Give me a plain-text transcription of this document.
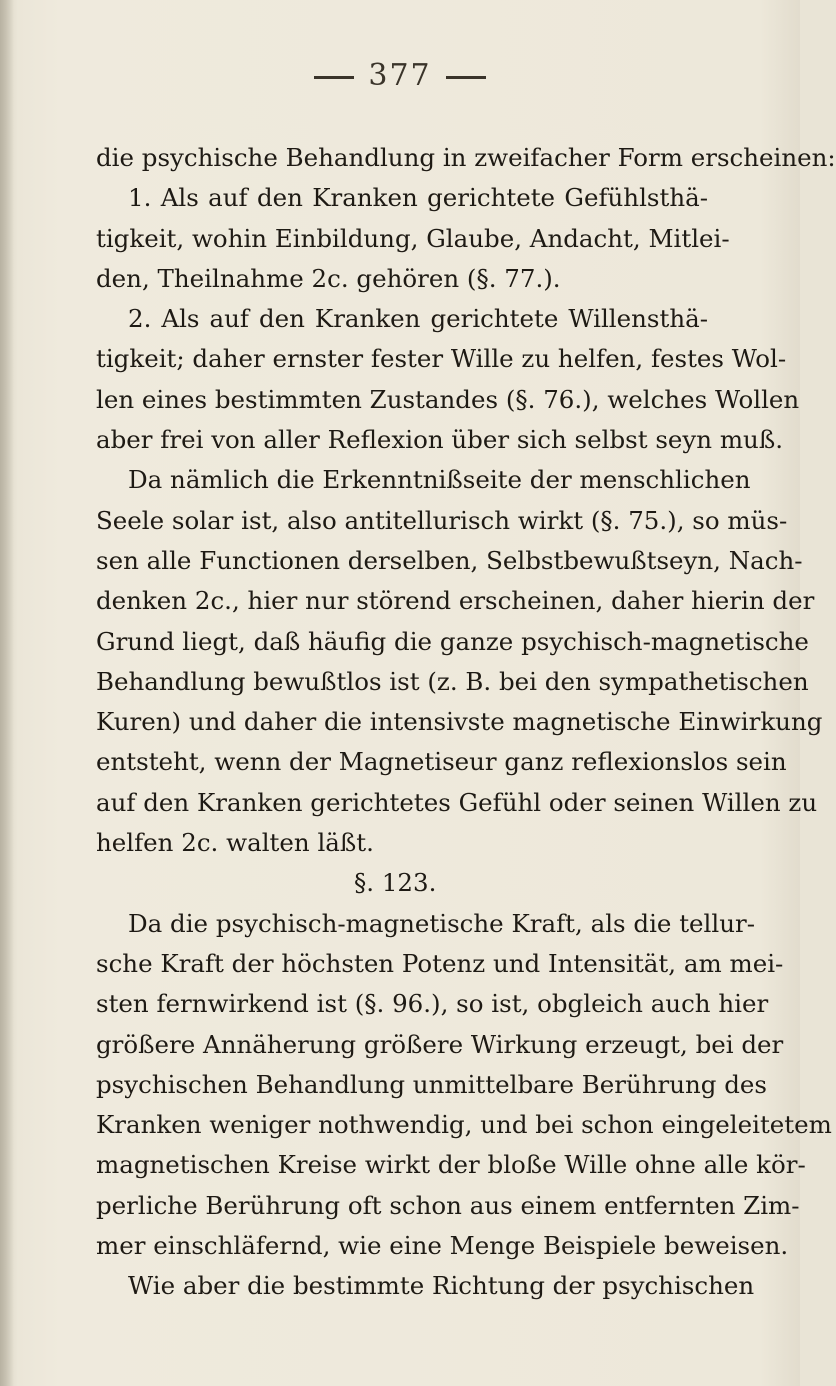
377
die psychische Behandlung in zweifacher Form erscheinen:
1. Als auf den Kranken gerichtete Gefühlsthä-
tigkeit, wohin Einbildung, Glaube, Andacht, Mitlei-
den, Theilnahme 2c. gehören (§. 77.).
2. Als auf den Kranken gerichtete Willensthä-
tigkeit; daher ernster fester Wille zu helfen, festes Wol-
len eines bestimmten Zustandes (§. 76.), welches Wollen
aber frei von aller Reflexion über sich selbst seyn muß.
Da nämlich die Erkenntnißseite der menschlichen
Seele solar ist, also antitellurisch wirkt (§. 75.), so müs-
sen alle Functionen derselben, Selbstbewußtseyn, Nach-
denken 2c., hier nur störend erscheinen, daher hierin der
Grund liegt, daß häufig die ganze psychisch-magnetische
Behandlung bewußtlos ist (z. B. bei den sympathetischen
Kuren) und daher die intensivste magnetische Einwirkung
entsteht, wenn der Magnetiseur ganz reflexionslos sein
auf den Kranken gerichtetes Gefühl oder seinen Willen zu
helfen 2c. walten läßt.
§. 123.
Da die psychisch-magnetische Kraft, als die tellur-
sche Kraft der höchsten Potenz und Intensität, am mei-
sten fernwirkend ist (§. 96.), so ist, obgleich auch hier
größere Annäherung größere Wirkung erzeugt, bei der
psychischen Behandlung unmittelbare Berührung des
Kranken weniger nothwendig, und bei schon eingeleitetem
magnetischen Kreise wirkt der bloße Wille ohne alle kör-
perliche Berührung oft schon aus einem entfernten Zim-
mer einschläfernd, wie eine Menge Beispiele beweisen.
Wie aber die bestimmte Richtung der psychischen
